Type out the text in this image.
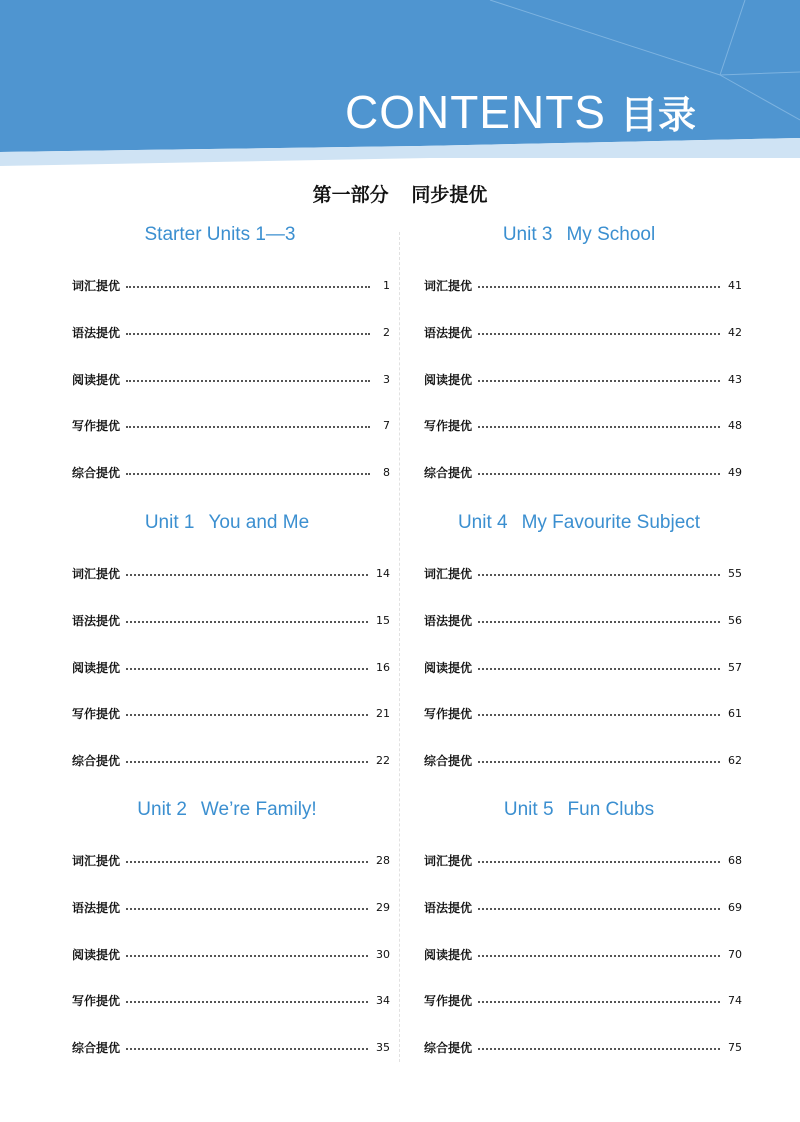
CONTENTS 目录
第一部分 同步提优
Starter Units 1—3
词汇提优	1
语法提优	2
阅读提优	3
写作提优	7
综合提优	8
Unit 1 You and Me
词汇提优	14
语法提优	15
阅读提优	16
写作提优	21
综合提优	22
Unit 2 We’re Family!
词汇提优	28
语法提优	29
阅读提优	30
写作提优	34
综合提优	35
Unit 3 My School
词汇提优	41
语法提优	42
阅读提优	43
写作提优	48
综合提优	49
Unit 4 My Favourite Subject
词汇提优	55
语法提优	56
阅读提优	57
写作提优	61
综合提优	62
Unit 5 Fun Clubs
词汇提优	68
语法提优	69
阅读提优	70
写作提优	74
综合提优	75
